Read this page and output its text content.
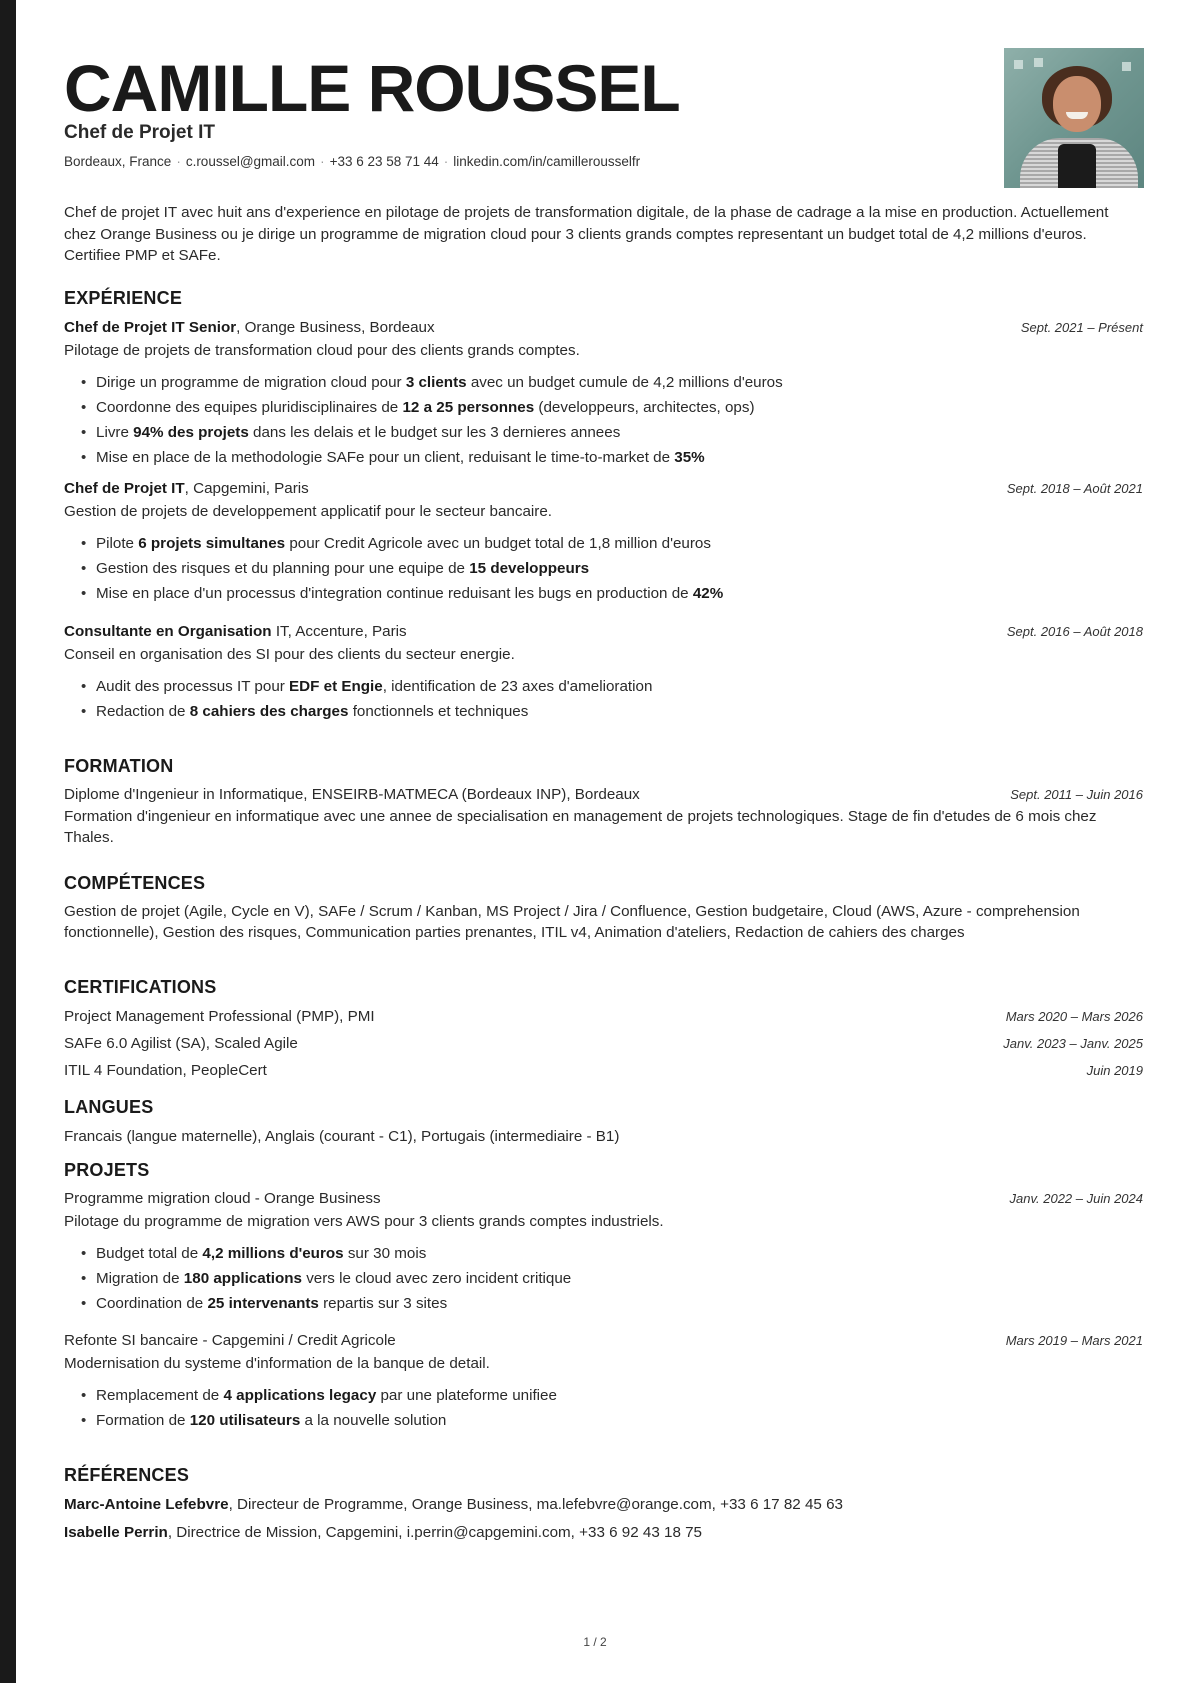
CAMILLE ROUSSEL
Chef de Projet IT
Bordeaux, France · c.roussel@gmail.com · +33 6 23 58 71 44 · linkedin.com/in/camillerousselfr

Chef de projet IT avec huit ans d'experience en pilotage de projets de transformation digitale, de la phase de cadrage a la mise en production. Actuellement chez Orange Business ou je dirige un programme de migration cloud pour 3 clients grands comptes representant un budget total de 4,2 millions d'euros. Certifiee PMP et SAFe.

EXPÉRIENCE
Chef de Projet IT Senior, Orange Business, Bordeaux	Sept. 2021 – Présent
Pilotage de projets de transformation cloud pour des clients grands comptes.
• Dirige un programme de migration cloud pour 3 clients avec un budget cumule de 4,2 millions d'euros
• Coordonne des equipes pluridisciplinaires de 12 a 25 personnes (developpeurs, architectes, ops)
• Livre 94% des projets dans les delais et le budget sur les 3 dernieres annees
• Mise en place de la methodologie SAFe pour un client, reduisant le time-to-market de 35%
Chef de Projet IT, Capgemini, Paris	Sept. 2018 – Août 2021
Gestion de projets de developpement applicatif pour le secteur bancaire.
• Pilote 6 projets simultanes pour Credit Agricole avec un budget total de 1,8 million d'euros
• Gestion des risques et du planning pour une equipe de 15 developpeurs
• Mise en place d'un processus d'integration continue reduisant les bugs en production de 42%
Consultante en Organisation IT, Accenture, Paris	Sept. 2016 – Août 2018
Conseil en organisation des SI pour des clients du secteur energie.
• Audit des processus IT pour EDF et Engie, identification de 23 axes d'amelioration
• Redaction de 8 cahiers des charges fonctionnels et techniques
FORMATION
Diplome d'Ingenieur in Informatique, ENSEIRB-MATMECA (Bordeaux INP), Bordeaux	Sept. 2011 – Juin 2016
Formation d'ingenieur en informatique avec une annee de specialisation en management de projets technologiques. Stage de fin d'etudes de 6 mois chez Thales.
COMPÉTENCES
Gestion de projet (Agile, Cycle en V), SAFe / Scrum / Kanban, MS Project / Jira / Confluence, Gestion budgetaire, Cloud (AWS, Azure - comprehension fonctionnelle), Gestion des risques, Communication parties prenantes, ITIL v4, Animation d'ateliers, Redaction de cahiers des charges
CERTIFICATIONS
Project Management Professional (PMP), PMI	Mars 2020 – Mars 2026
SAFe 6.0 Agilist (SA), Scaled Agile	Janv. 2023 – Janv. 2025
ITIL 4 Foundation, PeopleCert	Juin 2019
LANGUES
Francais (langue maternelle), Anglais (courant - C1), Portugais (intermediaire - B1)
PROJETS
Programme migration cloud - Orange Business	Janv. 2022 – Juin 2024
Pilotage du programme de migration vers AWS pour 3 clients grands comptes industriels.
• Budget total de 4,2 millions d'euros sur 30 mois
• Migration de 180 applications vers le cloud avec zero incident critique
• Coordination de 25 intervenants repartis sur 3 sites
Refonte SI bancaire - Capgemini / Credit Agricole	Mars 2019 – Mars 2021
Modernisation du systeme d'information de la banque de detail.
• Remplacement de 4 applications legacy par une plateforme unifiee
• Formation de 120 utilisateurs a la nouvelle solution
RÉFÉRENCES
Marc-Antoine Lefebvre, Directeur de Programme, Orange Business, ma.lefebvre@orange.com, +33 6 17 82 45 63
Isabelle Perrin, Directrice de Mission, Capgemini, i.perrin@capgemini.com, +33 6 92 43 18 75
1 / 2
